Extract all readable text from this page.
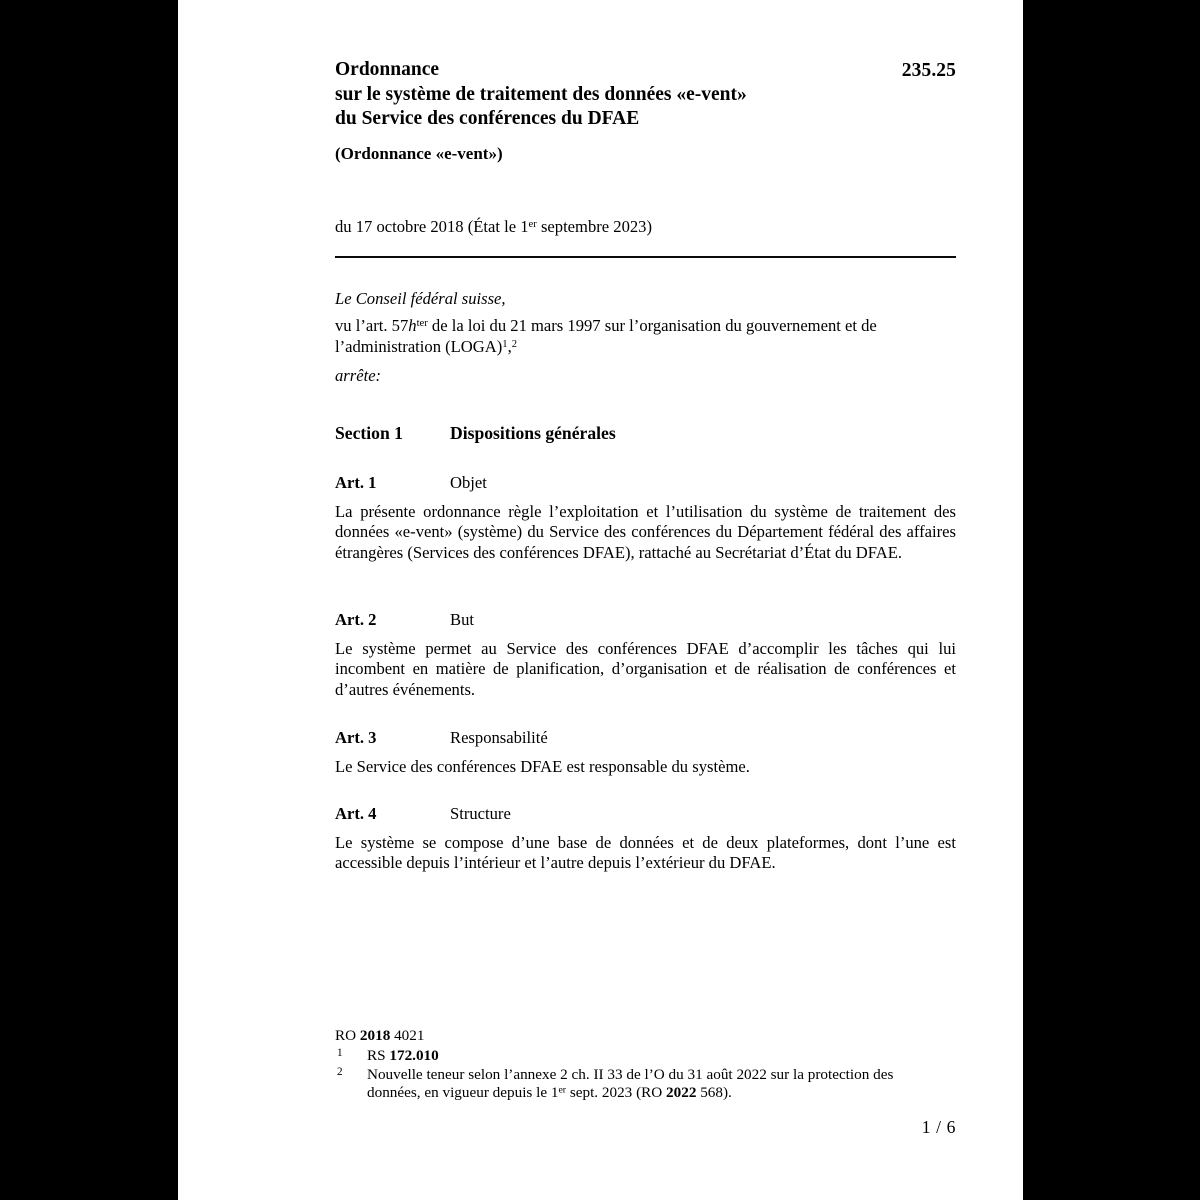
235.25
Ordonnance
sur le système de traitement des données «e-vent»
du Service des conférences du DFAE
(Ordonnance «e-vent»)
du 17 octobre 2018 (État le 1er septembre 2023)
Le Conseil fédéral suisse,
vu l’art. $57h^{ter}$ de la loi du 21 mars 1997 sur l’organisation du gouvernement et de l’administration (LOGA)$^1$,$^2$
arrête:
Section 1	Dispositions générales
Art. 1	Objet
La présente ordonnance règle l’exploitation et l’utilisation du système de traitement des données «e-vent» (système) du Service des conférences du Département fédéral des affaires étrangères (Services des conférences DFAE), rattaché au Secrétariat d’État du DFAE.
Art. 2	But
Le système permet au Service des conférences DFAE d’accomplir les tâches qui lui incombent en matière de planification, d’organisation et de réalisation de conférences et d’autres événements.
Art. 3	Responsabilité
Le Service des conférences DFAE est responsable du système.
Art. 4	Structure
Le système se compose d’une base de données et de deux plateformes, dont l’une est accessible depuis l’intérieur et l’autre depuis l’extérieur du DFAE.
RO 2018 4021
1 RS 172.010
2 Nouvelle teneur selon l’annexe 2 ch. II 33 de l’O du 31 août 2022 sur la protection des données, en vigueur depuis le 1er sept. 2023 (RO 2022 568).
1 / 6
